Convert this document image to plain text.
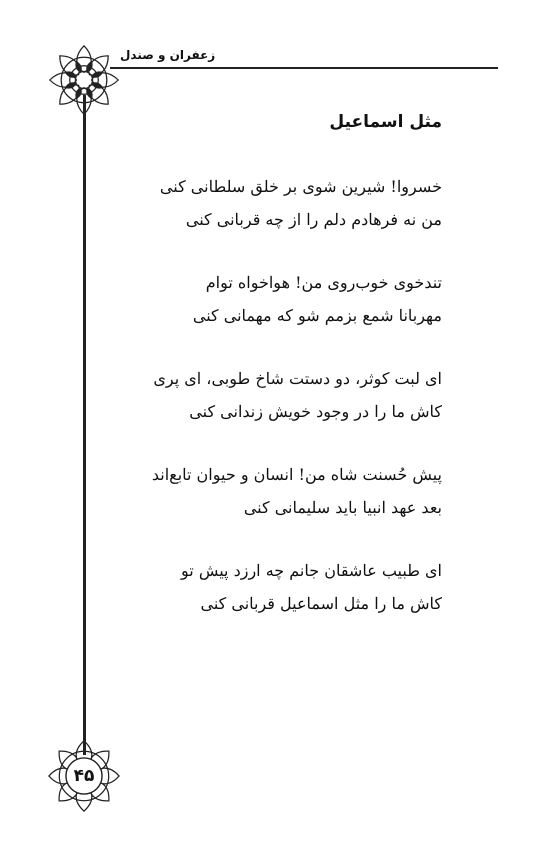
زعفران و صندل
۴۵
مثل اسماعیل
خسروا! شیرین شوی بر خلق سلطانی کنی
من نه فرهادم دلم را از چه قربانی کنی
تندخوی خوب‌روی من! هواخواه توام
مهربانا شمع بزمم شو که مهمانی کنی
ای لبت کوثر، دو دستت شاخ طوبی، ای پری
کاش ما را در وجود خویش زندانی کنی
پیش حُسنت شاه من! انسان و حیوان تابع‌اند
بعد عهد انبیا باید سلیمانی کنی
ای طبیب عاشقان جانم چه ارزد پیش تو
کاش ما را مثل اسماعیل قربانی کنی
